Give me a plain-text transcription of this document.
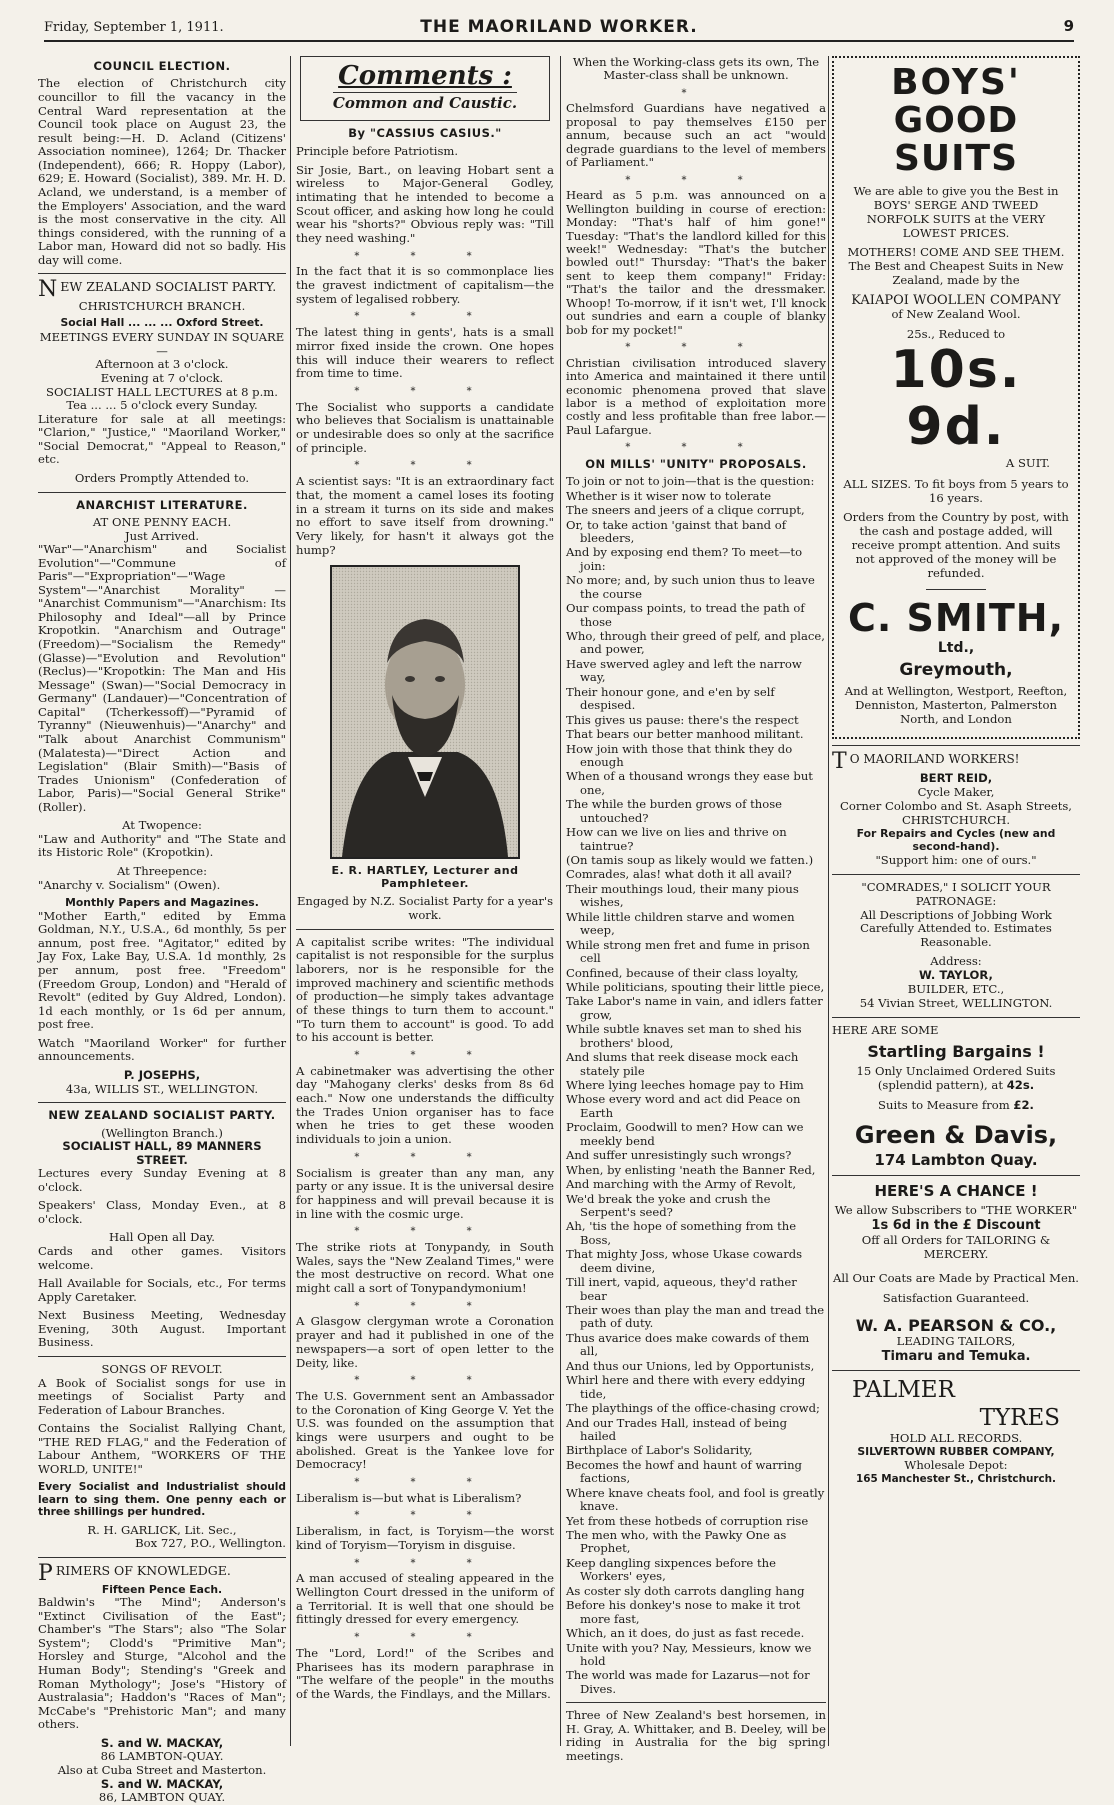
Friday, September 1, 1911.	THE MAORILAND WORKER.	9
COUNCIL ELECTION.

The election of Christchurch city councillor to fill the vacancy in the Central Ward representation at the Council took place on August 23, the result being:—H. D. Acland (Citizens' Association nominee), 1264; Dr. Thacker (Independent), 666; R. Hoppy (Labor), 629; E. Howard (Socialist), 389. Mr. H. D. Acland, we understand, is a member of the Employers' Association, and the ward is the most conservative in the city. All things considered, with the running of a Labor man, Howard did not so badly. His day will come.

NEW ZEALAND SOCIALIST PARTY.
CHRISTCHURCH BRANCH.
Social Hall ... ... ... Oxford Street.
MEETINGS EVERY SUNDAY IN SQUARE—
Afternoon at 3 o'clock.
Evening at 7 o'clock.
SOCIALIST HALL LECTURES at 8 p.m.
Tea ... ... 5 o'clock every Sunday.

Literature for sale at all meetings: "Clarion," "Justice," "Maoriland Worker," "Social Democrat," "Appeal to Reason," etc.

Orders Promptly Attended to.
ANARCHIST LITERATURE.
AT ONE PENNY EACH.
Just Arrived.

"War"—"Anarchism" and Socialist Evolution"—"Commune of Paris"—"Expropriation"—"Wage System"—"Anarchist Morality" — "Anarchist Communism"—"Anarchism: Its Philosophy and Ideal"—all by Prince Kropotkin. "Anarchism and Outrage" (Freedom)—"Socialism the Remedy" (Glasse)—"Evolution and Revolution" (Reclus)—"Kropotkin: The Man and His Message" (Swan)—"Social Democracy in Germany" (Landauer)—"Concentration of Capital" (Tcherkessoff)—"Pyramid of Tyranny" (Nieuwenhuis)—"Anarchy" and "Talk about Anarchist Communism" (Malatesta)—"Direct Action and Legislation" (Blair Smith)—"Basis of Trades Unionism" (Confederation of Labor, Paris)—"Social General Strike" (Roller).

At Twopence:

"Law and Authority" and "The State and its Historic Role" (Kropotkin).

At Threepence:

"Anarchy v. Socialism" (Owen).

Monthly Papers and Magazines.

"Mother Earth," edited by Emma Goldman, N.Y., U.S.A., 6d monthly, 5s per annum, post free. "Agitator," edited by Jay Fox, Lake Bay, U.S.A. 1d monthly, 2s per annum, post free. "Freedom" (Freedom Group, London) and "Herald of Revolt" (edited by Guy Aldred, London). 1d each monthly, or 1s 6d per annum, post free.

Watch "Maoriland Worker" for further announcements.

P. JOSEPHS,
43a, WILLIS ST., WELLINGTON.
NEW ZEALAND SOCIALIST PARTY.
(Wellington Branch.)
SOCIALIST HALL, 89 MANNERS STREET.

Lectures every Sunday Evening at 8 o'clock.

Speakers' Class, Monday Even., at 8 o'clock.

Hall Open all Day.

Cards and other games. Visitors welcome.

Hall Available for Socials, etc., For terms Apply Caretaker.

Next Business Meeting, Wednesday Evening, 30th August. Important Business.

SONGS OF REVOLT.

A Book of Socialist songs for use in meetings of Socialist Party and Federation of Labour Branches.

Contains the Socialist Rallying Chant, "THE RED FLAG," and the Federation of Labour Anthem, "WORKERS OF THE WORLD, UNITE!"

Every Socialist and Industrialist should learn to sing them. One penny each or three shillings per hundred.

R. H. GARLICK, Lit. Sec.,
Box 727, P.O., Wellington.
PRIMERS OF KNOWLEDGE.
Fifteen Pence Each.

Baldwin's "The Mind"; Anderson's "Extinct Civilisation of the East"; Chamber's "The Stars"; also "The Solar System"; Clodd's "Primitive Man"; Horsley and Sturge, "Alcohol and the Human Body"; Stending's "Greek and Roman Mythology"; Jose's "History of Australasia"; Haddon's "Races of Man"; McCabe's "Prehistoric Man"; and many others.

S. and W. MACKAY,
86 LAMBTON-QUAY.
Also at Cuba Street and Masterton.
S. and W. MACKAY,
86, LAMBTON QUAY.
Comments :
Common and Caustic.
By "CASSIUS CASIUS."

Principle before Patriotism.

Sir Josie, Bart., on leaving Hobart sent a wireless to Major-General Godley, intimating that he intended to become a Scout officer, and asking how long he could wear his "shorts?" Obvious reply was: "Till they need washing."

* * *

In the fact that it is so commonplace lies the gravest indictment of capitalism—the system of legalised robbery.

* * *

The latest thing in gents', hats is a small mirror fixed inside the crown. One hopes this will induce their wearers to reflect from time to time.

* * *

The Socialist who supports a candidate who believes that Socialism is unattainable or undesirable does so only at the sacrifice of principle.

* * *

A scientist says: "It is an extraordinary fact that, the moment a camel loses its footing in a stream it turns on its side and makes no effort to save itself from drowning." Very likely, for hasn't it always got the hump?

E. R. HARTLEY, Lecturer and Pamphleteer.
Engaged by N.Z. Socialist Party for a year's work.

A capitalist scribe writes: "The individual capitalist is not responsible for the surplus laborers, nor is he responsible for the improved machinery and scientific methods of production—he simply takes advantage of these things to turn them to account." "To turn them to account" is good. To add to his account is better.

* * *

A cabinetmaker was advertising the other day "Mahogany clerks' desks from 8s 6d each." Now one understands the difficulty the Trades Union organiser has to face when he tries to get these wooden individuals to join a union.

* * *

Socialism is greater than any man, any party or any issue. It is the universal desire for happiness and will prevail because it is in line with the cosmic urge.

* * *

The strike riots at Tonypandy, in South Wales, says the "New Zealand Times," were the most destructive on record. What one might call a sort of Tonypandymonium!

* * *

A Glasgow clergyman wrote a Coronation prayer and had it published in one of the newspapers—a sort of open letter to the Deity, like.

* * *

The U.S. Government sent an Ambassador to the Coronation of King George V. Yet the U.S. was founded on the assumption that kings were usurpers and ought to be abolished. Great is the Yankee love for Democracy!

* * *

Liberalism is—but what is Liberalism?

* * *

Liberalism, in fact, is Toryism—the worst kind of Toryism—Toryism in disguise.

* * *

A man accused of stealing appeared in the Wellington Court dressed in the uniform of a Territorial. It is well that one should be fittingly dressed for every emergency.

* * *

The "Lord, Lord!" of the Scribes and Pharisees has its modern paraphrase in "The welfare of the people" in the mouths of the Wards, the Findlays, and the Millars.

When the Working-class gets its own, The Master-class shall be unknown.

*

Chelmsford Guardians have negatived a proposal to pay themselves £150 per annum, because such an act "would degrade guardians to the level of members of Parliament."

* * *

Heard as 5 p.m. was announced on a Wellington building in course of erection: Monday: "That's half of him gone!" Tuesday: "That's the landlord killed for this week!" Wednesday: "That's the butcher bowled out!" Thursday: "That's the baker sent to keep them company!" Friday: "That's the tailor and the dressmaker. Whoop! To-morrow, if it isn't wet, I'll knock out sundries and earn a couple of blanky bob for my pocket!"

* * *

Christian civilisation introduced slavery into America and maintained it there until economic phenomena proved that slave labor is a method of exploitation more costly and less profitable than free labor.—Paul Lafargue.

* * *
ON MILLS' "UNITY" PROPOSALS.
To join or not to join—that is the question:
Whether is it wiser now to tolerate
The sneers and jeers of a clique corrupt,
Or, to take action 'gainst that band of bleeders,
And by exposing end them? To meet—to join:
No more; and, by such union thus to leave the course
Our compass points, to tread the path of those
Who, through their greed of pelf, and place, and power,
Have swerved agley and left the narrow way,
Their honour gone, and e'en by self despised.
This gives us pause: there's the respect
That bears our better manhood militant.
How join with those that think they do enough
When of a thousand wrongs they ease but one,
The while the burden grows of those untouched?
How can we live on lies and thrive on taintrue?
(On tamis soup as likely would we fatten.)
Comrades, alas! what doth it all avail?
Their mouthings loud, their many pious wishes,
While little children starve and women weep,
While strong men fret and fume in prison cell
Confined, because of their class loyalty,
While politicians, spouting their little piece,
Take Labor's name in vain, and idlers fatter grow,
While subtle knaves set man to shed his brothers' blood,
And slums that reek disease mock each stately pile
Where lying leeches homage pay to Him
Whose every word and act did Peace on Earth
Proclaim, Goodwill to men? How can we meekly bend
And suffer unresistingly such wrongs?
When, by enlisting 'neath the Banner Red,
And marching with the Army of Revolt,
We'd break the yoke and crush the Serpent's seed?
Ah, 'tis the hope of something from the Boss,
That mighty Joss, whose Ukase cowards deem divine,
Till inert, vapid, aqueous, they'd rather bear
Their woes than play the man and tread the path of duty.
Thus avarice does make cowards of them all,
And thus our Unions, led by Opportunists,
Whirl here and there with every eddying tide,
The playthings of the office-chasing crowd;
And our Trades Hall, instead of being hailed
Birthplace of Labor's Solidarity,
Becomes the howf and haunt of warring factions,
Where knave cheats fool, and fool is greatly knave.
Yet from these hotbeds of corruption rise
The men who, with the Pawky One as Prophet,
Keep dangling sixpences before the Workers' eyes,
As coster sly doth carrots dangling hang
Before his donkey's nose to make it trot more fast,
Which, an it does, do just as fast recede.
Unite with you? Nay, Messieurs, know we hold
The world was made for Lazarus—not for Dives.

Three of New Zealand's best horsemen, in H. Gray, A. Whittaker, and B. Deeley, will be riding in Australia for the big spring meetings.

BOYS'
GOOD SUITS

We are able to give you the Best in BOYS' SERGE AND TWEED NORFOLK SUITS at the VERY LOWEST PRICES.

MOTHERS! COME AND SEE THEM.

The Best and Cheapest Suits in New Zealand, made by the

KAIAPOI WOOLLEN COMPANY
of New Zealand Wool.
25s., Reduced to
10s. 9d.
A SUIT.

ALL SIZES. To fit boys from 5 years to 16 years.

Orders from the Country by post, with the cash and postage added, will receive prompt attention. And suits not approved of the money will be refunded.

C. SMITH,
Ltd.,
Greymouth,

And at Wellington, Westport, Reefton, Denniston, Masterton, Palmerston North, and London

T O MAORILAND WORKERS!
BERT REID,
Cycle Maker,
Corner Colombo and St. Asaph Streets,
CHRISTCHURCH.
For Repairs and Cycles (new and second-hand).
"Support him: one of ours."
"COMRADES," I SOLICIT YOUR PATRONAGE:

All Descriptions of Jobbing Work Carefully Attended to. Estimates Reasonable.

Address:
W. TAYLOR,
BUILDER, ETC.,
54 Vivian Street, WELLINGTON.
HERE ARE SOME
Startling Bargains !
15 Only Unclaimed Ordered Suits (splendid pattern), at 42s.
Suits to Measure from £2.
Green & Davis,
174 Lambton Quay.
HERE'S A CHANCE !
We allow Subscribers to "THE WORKER"
1s 6d in the £ Discount
Off all Orders for TAILORING & MERCERY.
All Our Coats are Made by Practical Men.
Satisfaction Guaranteed.
W. A. PEARSON & CO.,
LEADING TAILORS,
Timaru and Temuka.
PALMER
TYRES
HOLD ALL RECORDS.
SILVERTOWN RUBBER COMPANY,
Wholesale Depot:
165 Manchester St., Christchurch.
